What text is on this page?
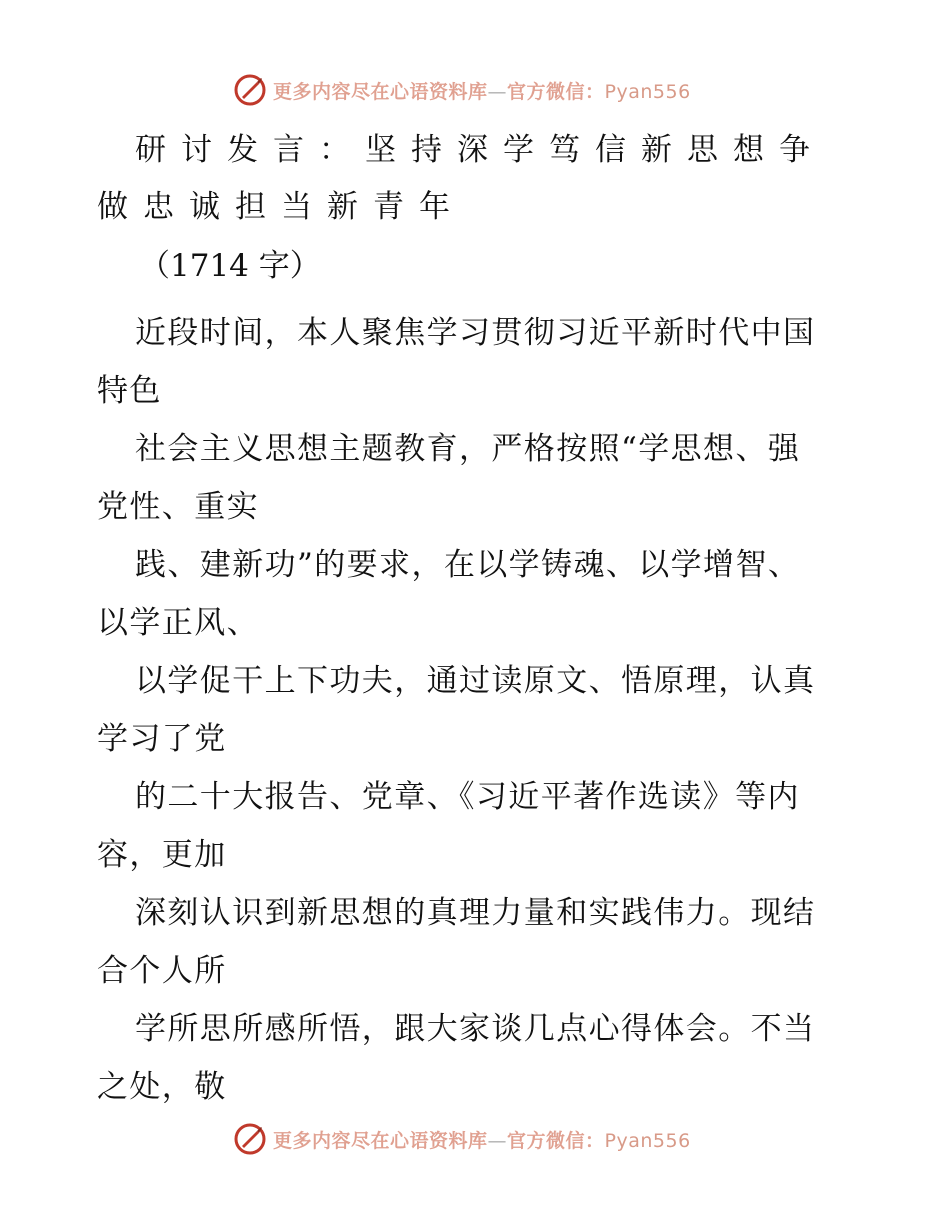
更多内容尽在心语资料库—官方微信：Pyan556
研讨发言：坚持深学笃信新思想争做忠诚担当新青年
（1714 字）
近段时间，本人聚焦学习贯彻习近平新时代中国
特色
社会主义思想主题教育，严格按照“学思想、强
党性、重实
践、建新功”的要求，在以学铸魂、以学增智、
以学正风、
以学促干上下功夫，通过读原文、悟原理，认真
学习了党
的二十大报告、党章、《习近平著作选读》等内
容，更加
深刻认识到新思想的真理力量和实践伟力。现结
合个人所
学所思所感所悟，跟大家谈几点心得体会。不当
之处，敬
更多内容尽在心语资料库—官方微信：Pyan556
